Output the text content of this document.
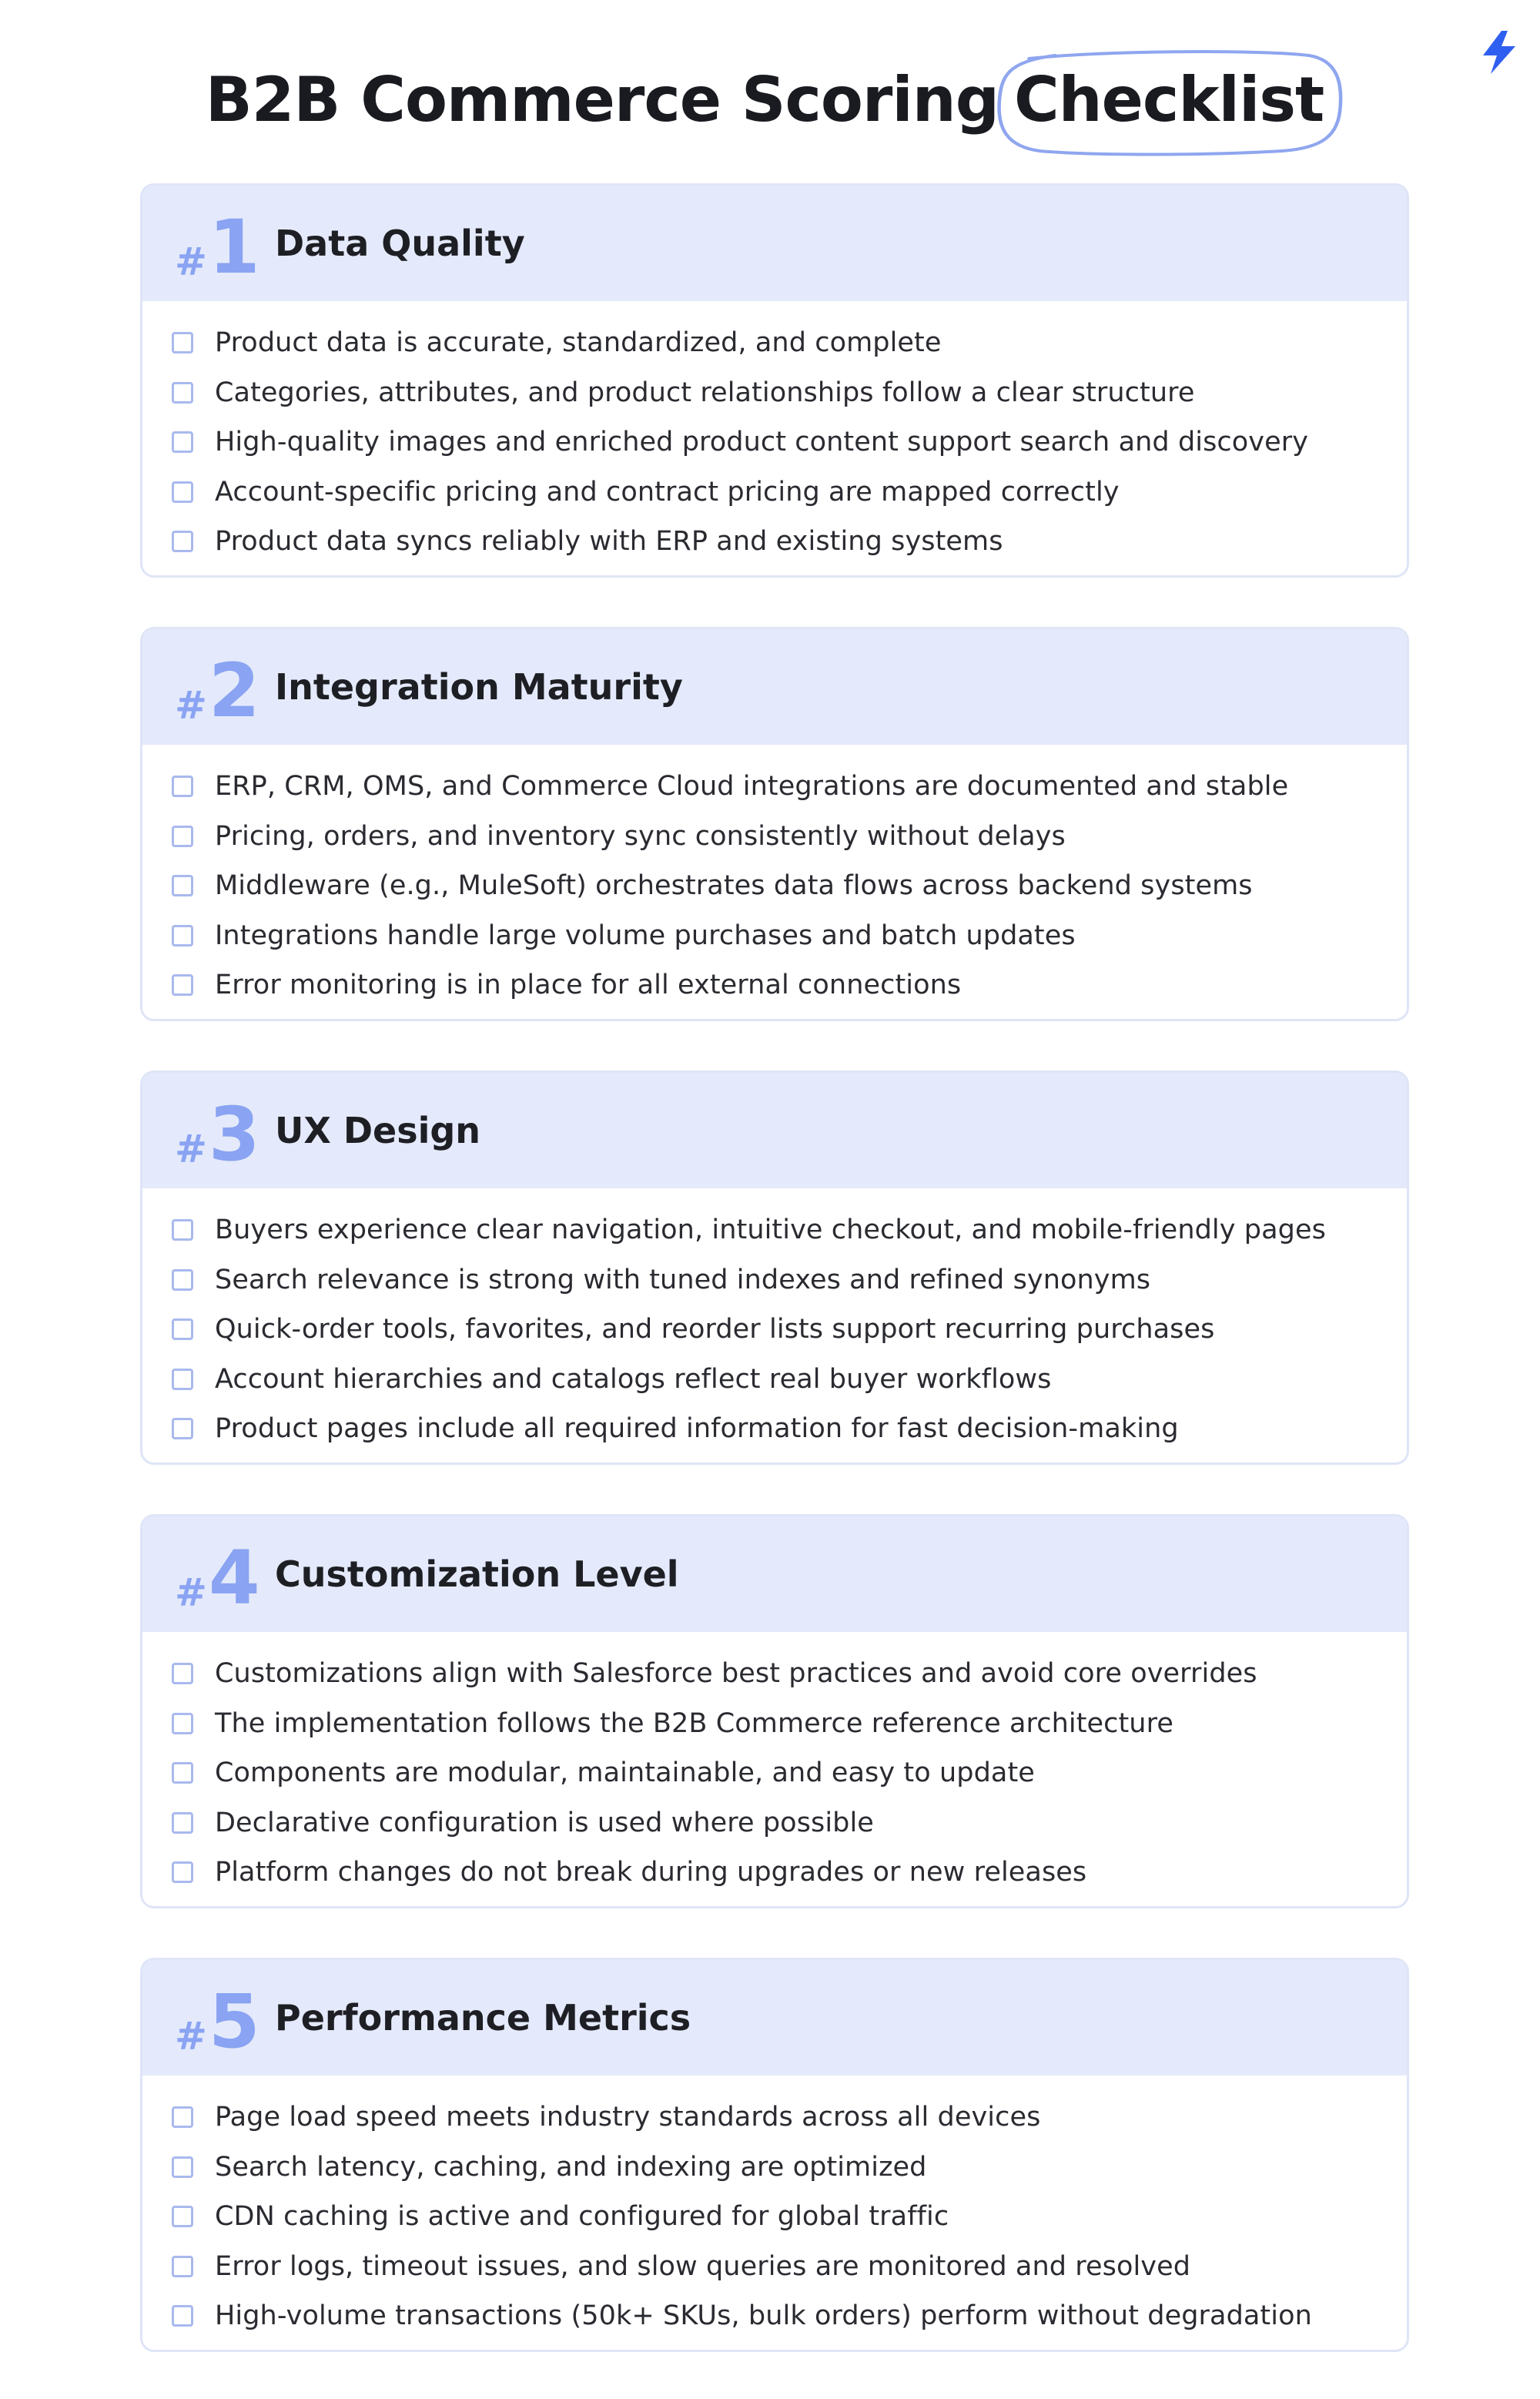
B2B Commerce Scoring Checklist
# 1 Data Quality
Product data is accurate, standardized, and complete
Categories, attributes, and product relationships follow a clear structure
High-quality images and enriched product content support search and discovery
Account-specific pricing and contract pricing are mapped correctly
Product data syncs reliably with ERP and existing systems
# 2 Integration Maturity
ERP, CRM, OMS, and Commerce Cloud integrations are documented and stable
Pricing, orders, and inventory sync consistently without delays
Middleware (e.g., MuleSoft) orchestrates data flows across backend systems
Integrations handle large volume purchases and batch updates
Error monitoring is in place for all external connections
# 3 UX Design
Buyers experience clear navigation, intuitive checkout, and mobile-friendly pages
Search relevance is strong with tuned indexes and refined synonyms
Quick-order tools, favorites, and reorder lists support recurring purchases
Account hierarchies and catalogs reflect real buyer workflows
Product pages include all required information for fast decision-making
# 4 Customization Level
Customizations align with Salesforce best practices and avoid core overrides
The implementation follows the B2B Commerce reference architecture
Components are modular, maintainable, and easy to update
Declarative configuration is used where possible
Platform changes do not break during upgrades or new releases
# 5 Performance Metrics
Page load speed meets industry standards across all devices
Search latency, caching, and indexing are optimized
CDN caching is active and configured for global traffic
Error logs, timeout issues, and slow queries are monitored and resolved
High-volume transactions (50k+ SKUs, bulk orders) perform without degradation
